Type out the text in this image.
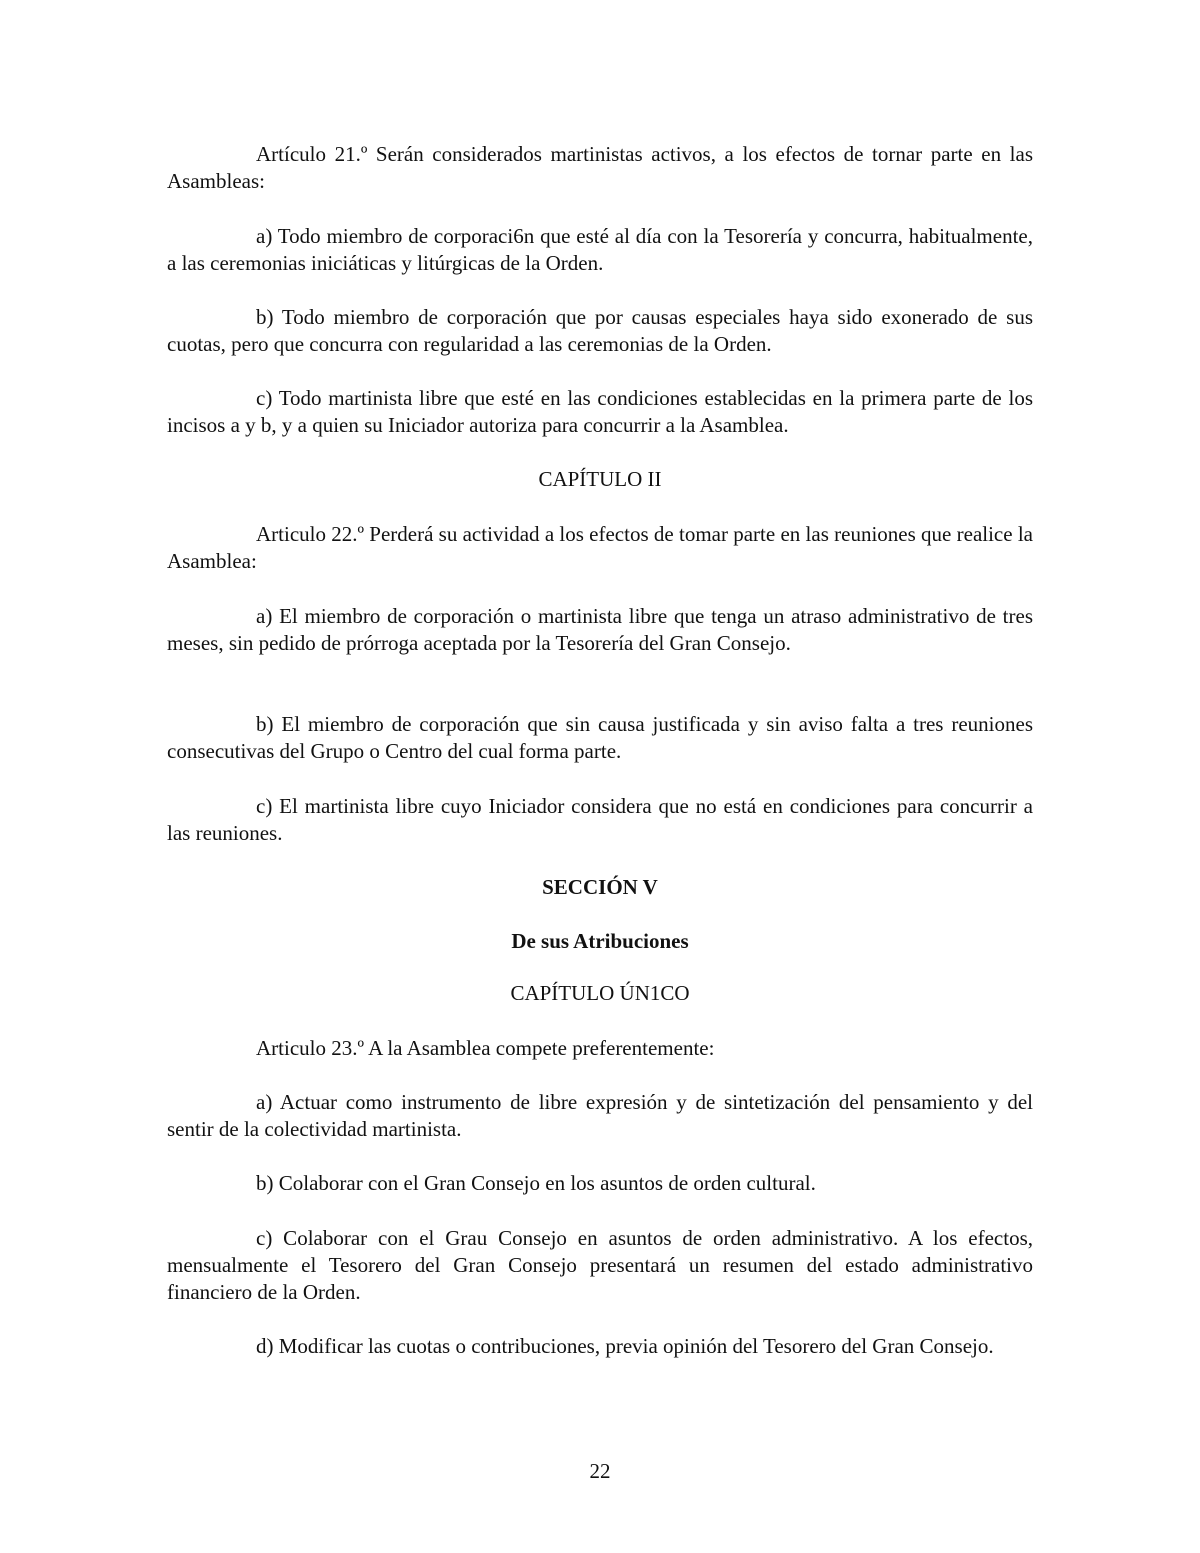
Artículo 21.º Serán considerados martinistas activos, a los efectos de tornar parte en las Asambleas:

a) Todo miembro de corporaci6n que esté al día con la Tesorería y concurra, habitualmente, a las ceremonias iniciáticas y litúrgicas de la Orden.

b) Todo miembro de corporación que por causas especiales haya sido exonerado de sus cuotas, pero que concurra con regularidad a las ceremonias de la Orden.

c) Todo martinista libre que esté en las condiciones establecidas en la primera parte de los incisos a y b, y a quien su Iniciador autoriza para concurrir a la Asamblea.

CAPÍTULO II

Articulo 22.º Perderá su actividad a los efectos de tomar parte en las reuniones que realice la Asamblea:

a) El miembro de corporación o martinista libre que tenga un atraso administrativo de tres meses, sin pedido de prórroga aceptada por la Tesorería del Gran Consejo.

b) El miembro de corporación que sin causa justificada y sin aviso falta a tres reuniones consecutivas del Grupo o Centro del cual forma parte.

c) El martinista libre cuyo Iniciador considera que no está en condiciones para concurrir a las reuniones.

SECCIÓN V

De sus Atribuciones

CAPÍTULO ÚN1CO

Articulo 23.º A la Asamblea compete preferentemente:

a) Actuar como instrumento de libre expresión y de sintetización del pensamiento y del sentir de la colectividad martinista.

b) Colaborar con el Gran Consejo en los asuntos de orden cultural.

c) Colaborar con el Grau Consejo en asuntos de orden administrativo. A los efectos, mensualmente el Tesorero del Gran Consejo presentará un resumen del estado administrativo financiero de la Orden.

d) Modificar las cuotas o contribuciones, previa opinión del Tesorero del Gran Consejo.

22
